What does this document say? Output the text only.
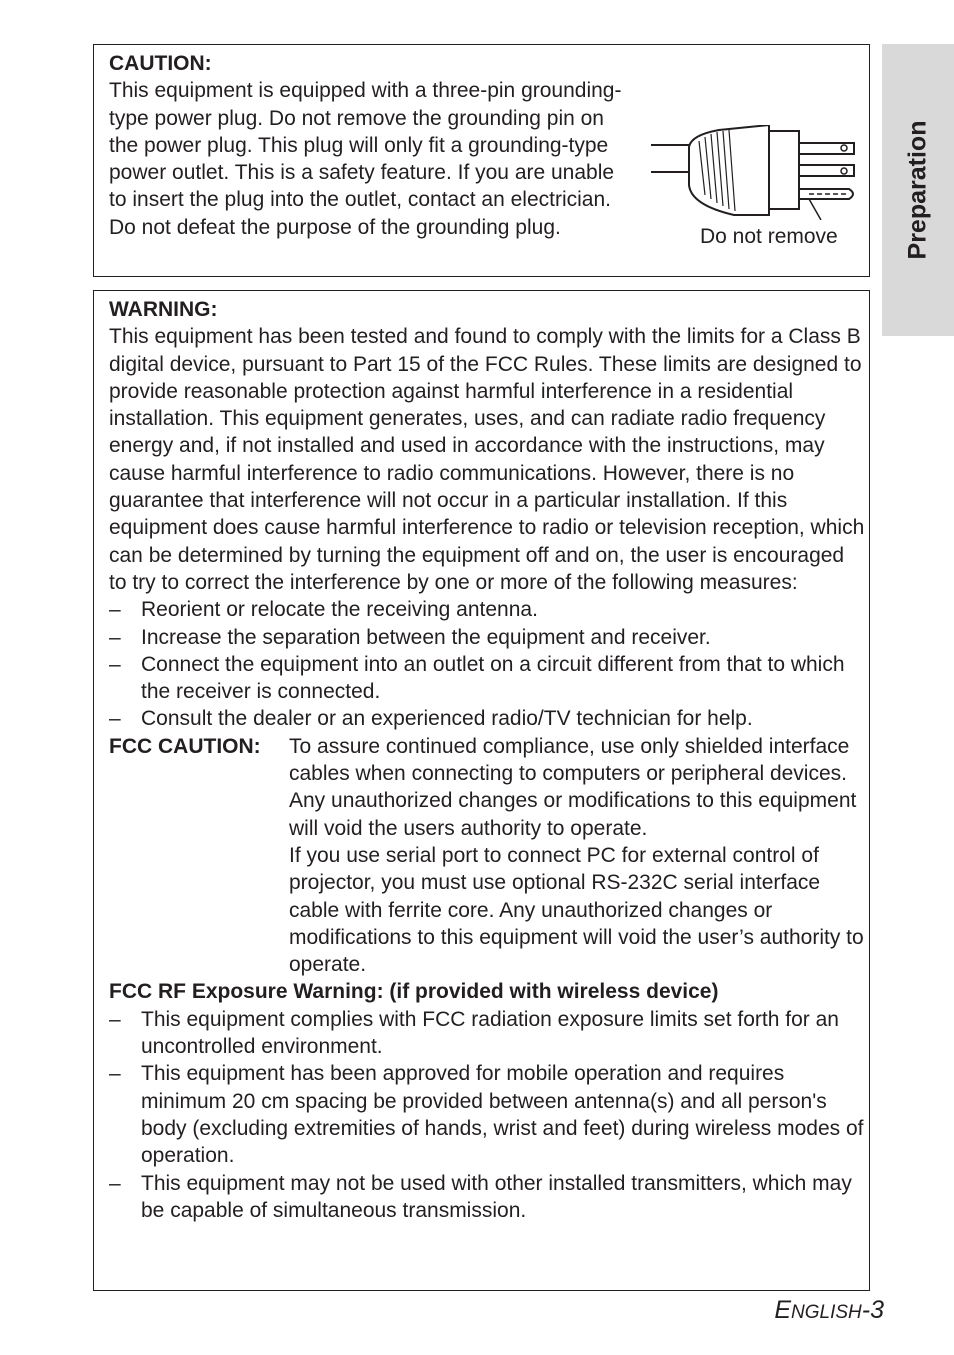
Preparation
CAUTION:
This equipment is equipped with a three-pin grounding-type power plug. Do not remove the grounding pin on the power plug. This plug will only fit a grounding-type power outlet. This is a safety feature. If you are unable to insert the plug into the outlet, contact an electrician. Do not defeat the purpose of the grounding plug.	Do not remove
WARNING:
This equipment has been tested and found to comply with the limits for a Class B digital device, pursuant to Part 15 of the FCC Rules. These limits are designed to provide reasonable protection against harmful interference in a residential installation. This equipment generates, uses, and can radiate radio frequency energy and, if not installed and used in accordance with the instructions, may cause harmful interference to radio communications. However, there is no guarantee that interference will not occur in a particular installation. If this equipment does cause harmful interference to radio or television reception, which can be determined by turning the equipment off and on, the user is encouraged to try to correct the interference by one or more of the following measures:
– Reorient or relocate the receiving antenna.
– Increase the separation between the equipment and receiver.
– Connect the equipment into an outlet on a circuit different from that to which the receiver is connected.
– Consult the dealer or an experienced radio/TV technician for help.
FCC CAUTION:	To assure continued compliance, use only shielded interface cables when connecting to computers or peripheral devices.
Any unauthorized changes or modifications to this equipment will void the users authority to operate.
If you use serial port to connect PC for external control of projector, you must use optional RS-232C serial interface cable with ferrite core. Any unauthorized changes or modifications to this equipment will void the user’s authority to operate.
FCC RF Exposure Warning: (if provided with wireless device)
– This equipment complies with FCC radiation exposure limits set forth for an uncontrolled environment.
– This equipment has been approved for mobile operation and requires minimum 20 cm spacing be provided between antenna(s) and all person's body (excluding extremities of hands, wrist and feet) during wireless modes of operation.
– This equipment may not be used with other installed transmitters, which may be capable of simultaneous transmission.
ENGLISH-3
